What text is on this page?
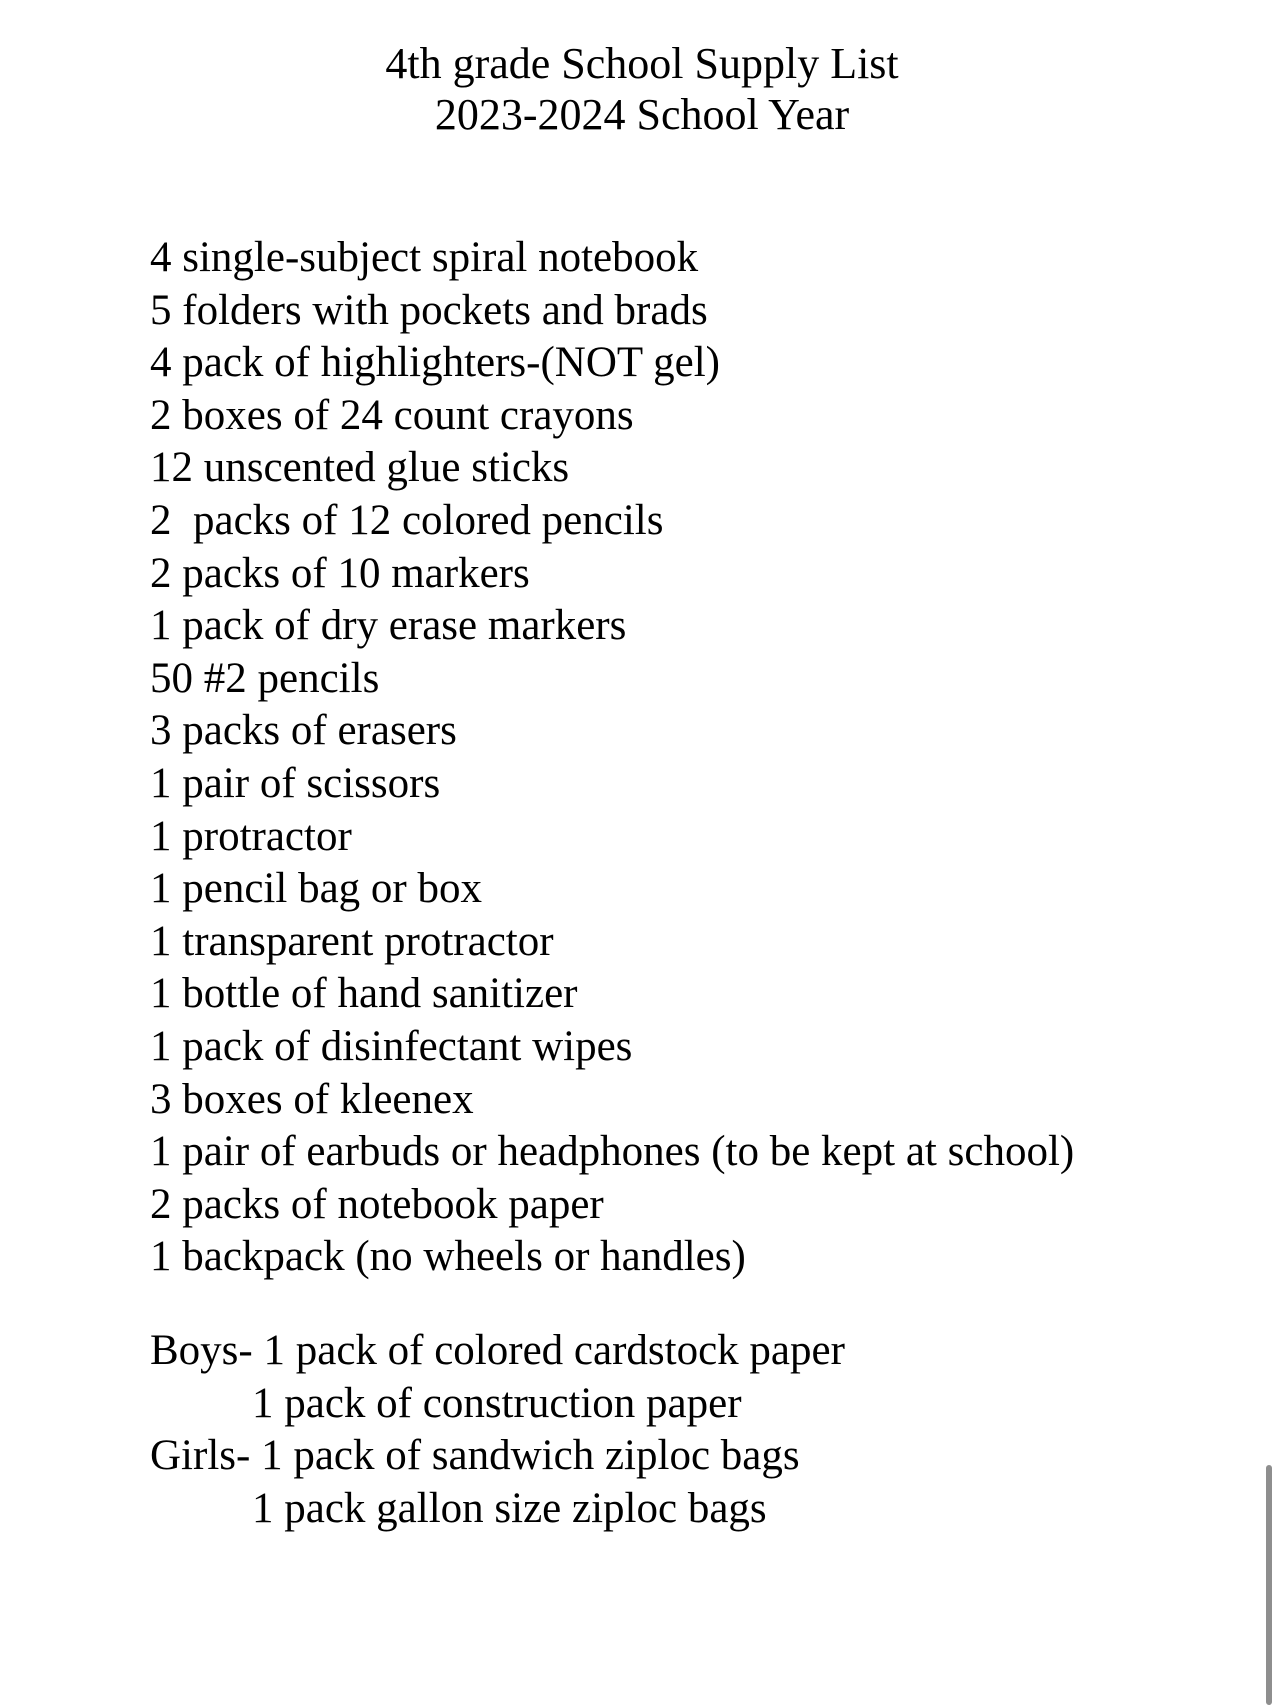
4th grade School Supply List
2023-2024 School Year
4 single-subject spiral notebook
5 folders with pockets and brads
4 pack of highlighters-(NOT gel)
2 boxes of 24 count crayons
12 unscented glue sticks
2  packs of 12 colored pencils
2 packs of 10 markers
1 pack of dry erase markers
50 #2 pencils
3 packs of erasers
1 pair of scissors
1 protractor
1 pencil bag or box
1 transparent protractor
1 bottle of hand sanitizer
1 pack of disinfectant wipes
3 boxes of kleenex
1 pair of earbuds or headphones (to be kept at school)
2 packs of notebook paper
1 backpack (no wheels or handles)
Boys- 1 pack of colored cardstock paper
1 pack of construction paper
Girls- 1 pack of sandwich ziploc bags
1 pack gallon size ziploc bags
